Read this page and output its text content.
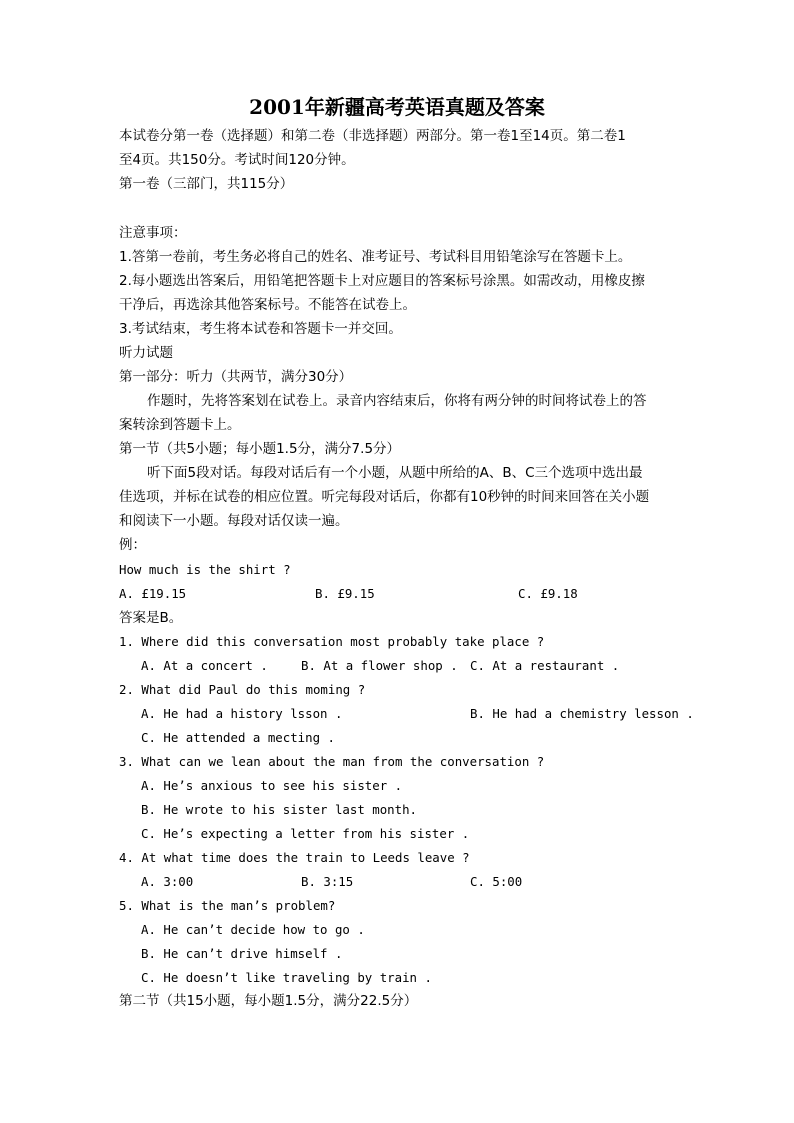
2001年新疆高考英语真题及答案
本试卷分第一卷（选择题）和第二卷（非选择题）两部分。第一卷1至14页。第二卷1
至4页。共150分。考试时间120分钟。
第一卷（三部门，共115分）
注意事项：
1.答第一卷前，考生务必将自己的姓名、准考证号、考试科目用铅笔涂写在答题卡上。
2.每小题选出答案后，用铅笔把答题卡上对应题目的答案标号涂黑。如需改动，用橡皮擦
干净后，再选涂其他答案标号。不能答在试卷上。
3.考试结束，考生将本试卷和答题卡一并交回。
听力试题
第一部分：听力（共两节，满分30分）
作题时，先将答案划在试卷上。录音内容结束后，你将有两分钟的时间将试卷上的答
案转涂到答题卡上。
第一节（共5小题；每小题1.5分，满分7.5分）
听下面5段对话。每段对话后有一个小题，从题中所给的A、B、C三个选项中选出最
佳选项，并标在试卷的相应位置。听完每段对话后，你都有10秒钟的时间来回答在关小题
和阅读下一小题。每段对话仅读一遍。
例：
How much is the shirt ?
A. £19.15	B. £9.15	C. £9.18
答案是B。
1. Where did this conversation most probably take place ?
A. At a concert .	B. At a flower shop . C. At a restaurant .
2. What did Paul do this moming ?
A. He had a history lsson .	B. He had a chemistry lesson .
C. He attended a mecting .
3. What can we lean about the man from the conversation ?
A. He’s anxious to see his sister .
B. He wrote to his sister last month.
C. He’s expecting a letter from his sister .
4. At what time does the train to Leeds leave ?
A. 3:00	B. 3:15	C. 5:00
5. What is the man’s problem?
A. He can’t decide how to go .
B. He can’t drive himself .
C. He doesn’t like traveling by train .
第二节（共15小题，每小题1.5分，满分22.5分）
